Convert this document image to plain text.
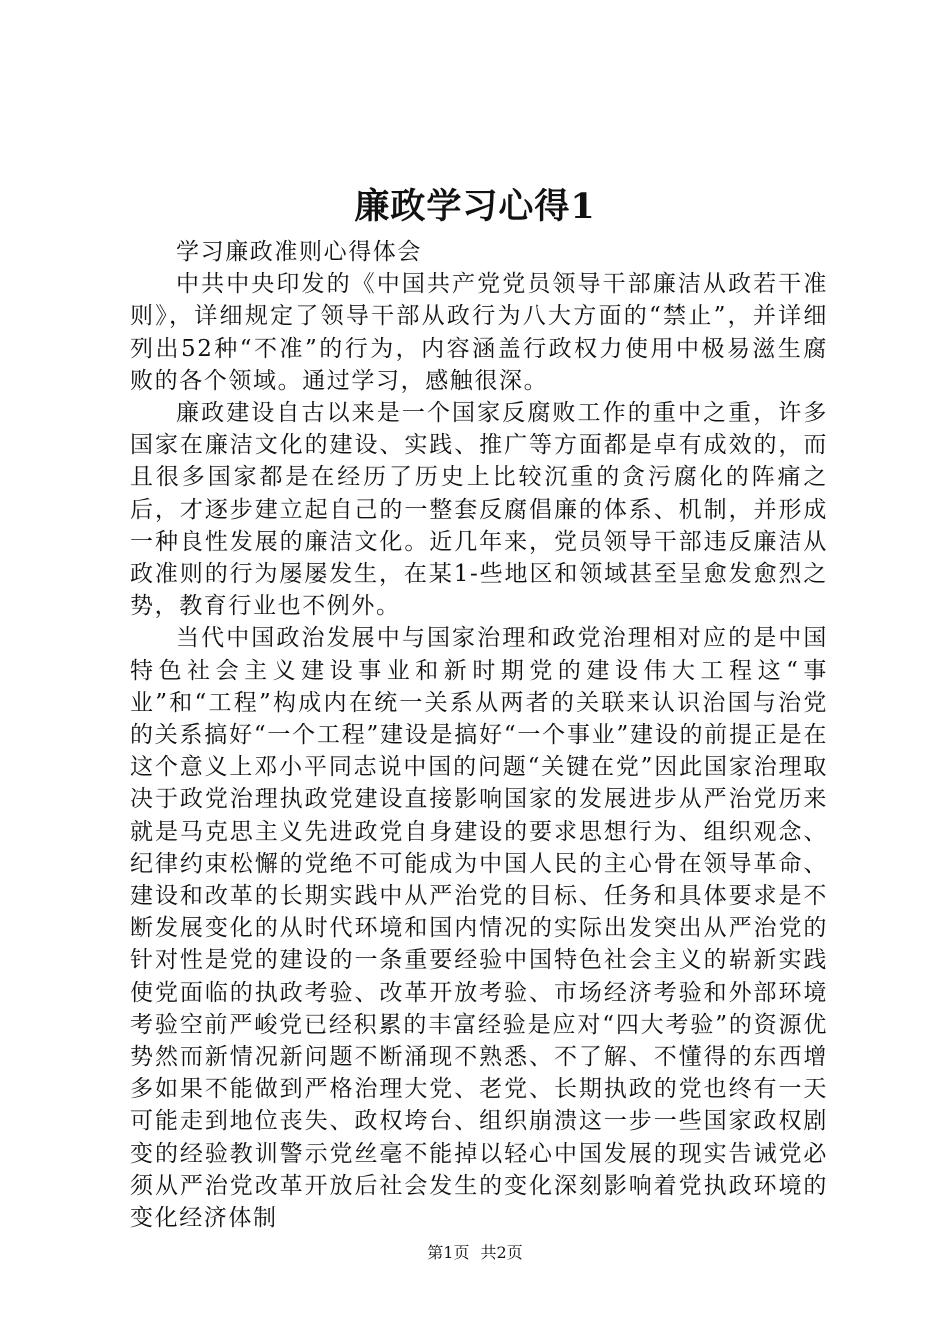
廉政学习心得1

学习廉政准则心得体会

中共中央印发的《中国共产党党员领导干部廉洁从政若干准则》，详细规定了领导干部从政行为八大方面的“禁止”，并详细列出52种“不准”的行为，内容涵盖行政权力使用中极易滋生腐败的各个领域。通过学习，感触很深。

廉政建设自古以来是一个国家反腐败工作的重中之重，许多国家在廉洁文化的建设、实践、推广等方面都是卓有成效的，而且很多国家都是在经历了历史上比较沉重的贪污腐化的阵痛之后，才逐步建立起自己的一整套反腐倡廉的体系、机制，并形成一种良性发展的廉洁文化。近几年来，党员领导干部违反廉洁从政准则的行为屡屡发生，在某1-些地区和领域甚至呈愈发愈烈之势，教育行业也不例外。

当代中国政治发展中与国家治理和政党治理相对应的是中国特色社会主义建设事业和新时期党的建设伟大工程这“事业”和“工程”构成内在统一关系从两者的关联来认识治国与治党的关系搞好“一个工程”建设是搞好“一个事业”建设的前提正是在这个意义上邓小平同志说中国的问题“关键在党”因此国家治理取决于政党治理执政党建设直接影响国家的发展进步从严治党历来就是马克思主义先进政党自身建设的要求思想行为、组织观念、纪律约束松懈的党绝不可能成为中国人民的主心骨在领导革命、建设和改革的长期实践中从严治党的目标、任务和具体要求是不断发展变化的从时代环境和国内情况的实际出发突出从严治党的针对性是党的建设的一条重要经验中国特色社会主义的崭新实践使党面临的执政考验、改革开放考验、市场经济考验和外部环境考验空前严峻党已经积累的丰富经验是应对“四大考验”的资源优势然而新情况新问题不断涌现不熟悉、不了解、不懂得的东西增多如果不能做到严格治理大党、老党、长期执政的党也终有一天可能走到地位丧失、政权垮台、组织崩溃这一步一些国家政权剧变的经验教训警示党丝毫不能掉以轻心中国发展的现实告诫党必须从严治党改革开放后社会发生的变化深刻影响着党执政环境的变化经济体制

第1页 共2页
